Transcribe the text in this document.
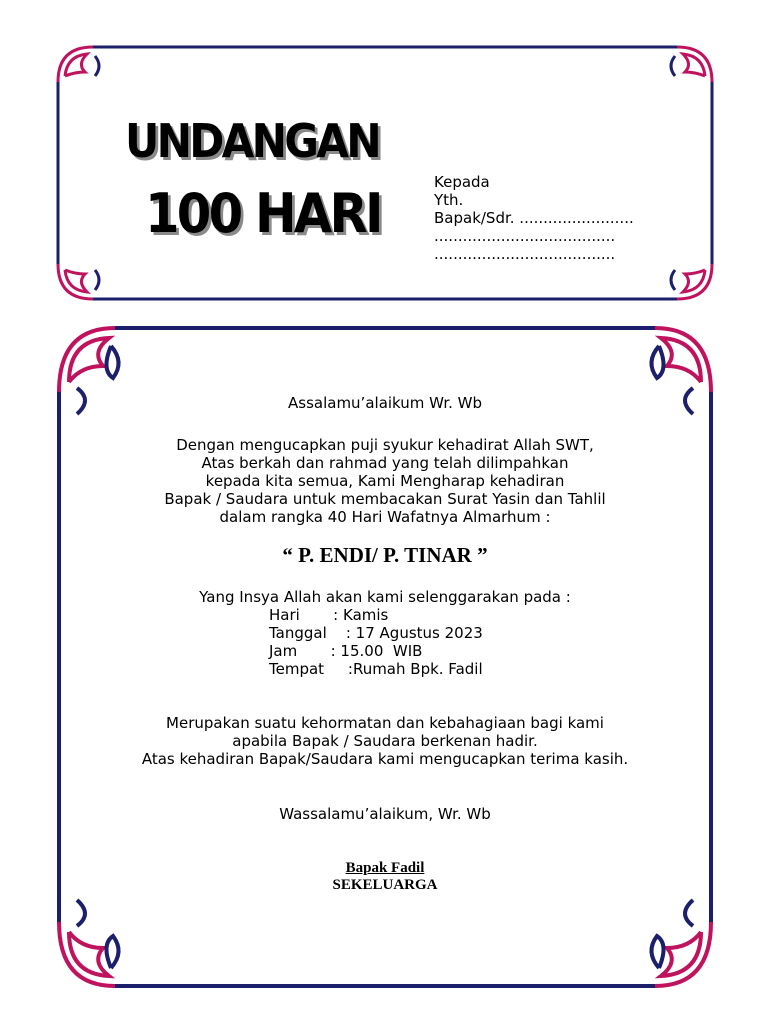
UNDANGAN
100 HARI	Kepada
Yth.
Bapak/Sdr. ........................
......................................
......................................
Assalamu’alaikum Wr. Wb
Dengan mengucapkan puji syukur kehadirat Allah SWT,
Atas berkah dan rahmad yang telah dilimpahkan
kepada kita semua, Kami Mengharap kehadiran
Bapak / Saudara untuk membacakan Surat Yasin dan Tahlil
dalam rangka 40 Hari Wafatnya Almarhum :
“ P. ENDI/ P. TINAR ”
Yang Insya Allah akan kami selenggarakan pada :
Hari       : Kamis
Tanggal    : 17 Agustus 2023
Jam       : 15.00  WIB
Tempat     :Rumah Bpk. Fadil
Merupakan suatu kehormatan dan kebahagiaan bagi kami
apabila Bapak / Saudara berkenan hadir.
Atas kehadiran Bapak/Saudara kami mengucapkan terima kasih.
Wassalamu’alaikum, Wr. Wb
Bapak Fadil
SEKELUARGA
